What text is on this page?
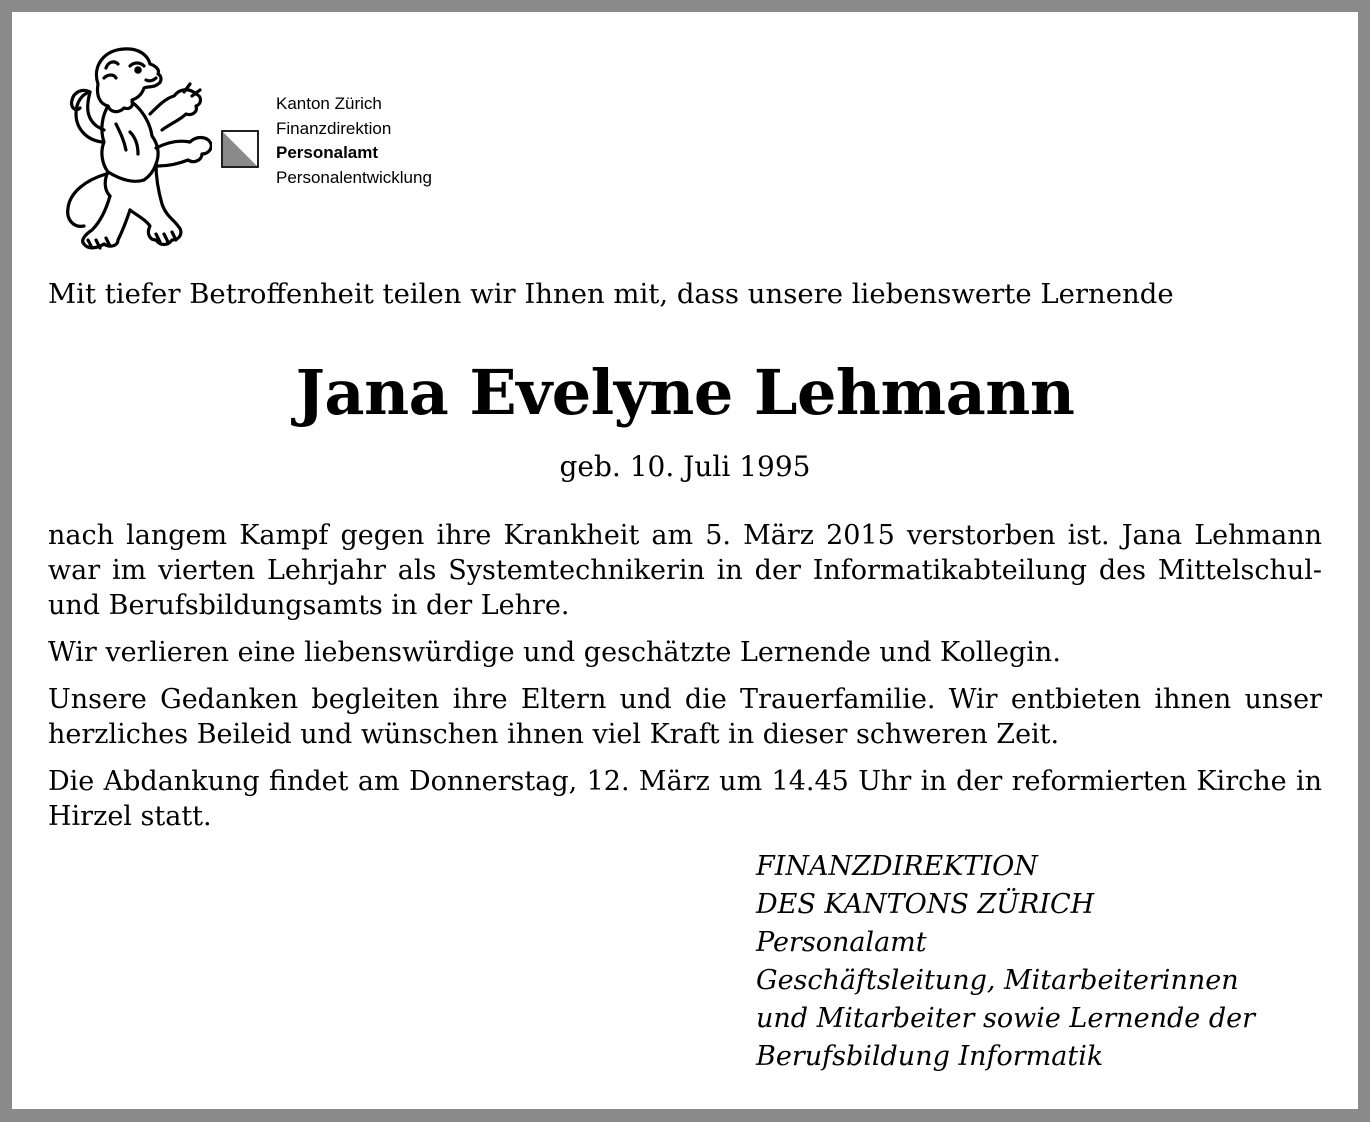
Kanton Zürich
Finanzdirektion
Personalamt
Personalentwicklung
Mit tiefer Betroffenheit teilen wir Ihnen mit, dass unsere liebenswerte Lernende
Jana Evelyne Lehmann
geb. 10. Juli 1995

nach langem Kampf gegen ihre Krankheit am 5. März 2015 verstorben ist. Jana Lehmann war im vierten Lehrjahr als Systemtechnikerin in der Informatikabteilung des Mittelschul- und Berufsbildungsamts in der Lehre.

Wir verlieren eine liebenswürdige und geschätzte Lernende und Kollegin.

Unsere Gedanken begleiten ihre Eltern und die Trauerfamilie. Wir entbieten ihnen unser herzliches Beileid und wünschen ihnen viel Kraft in dieser schweren Zeit.

Die Abdankung findet am Donnerstag, 12. März um 14.45 Uhr in der reformierten Kirche in Hirzel statt.

FINANZDIREKTION
DES KANTONS ZÜRICH
Personalamt
Geschäftsleitung, Mitarbeiterinnen
und Mitarbeiter sowie Lernende der
Berufsbildung Informatik
